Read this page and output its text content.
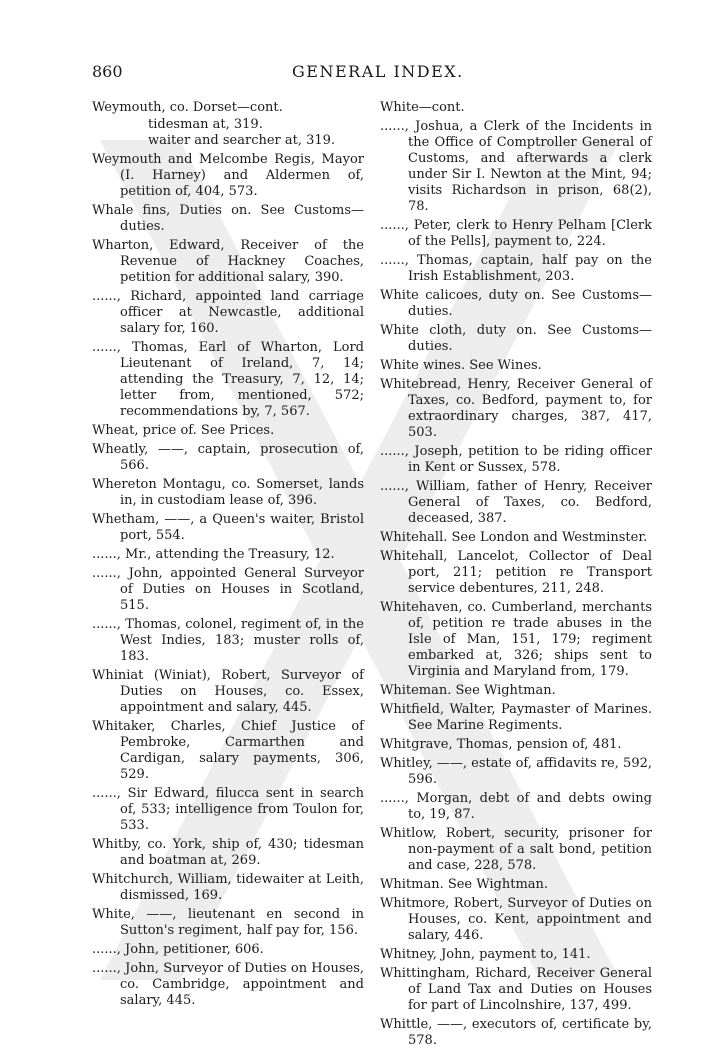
860	GENERAL INDEX.

Weymouth, co. Dorset—cont.

tidesman at, 319.

waiter and searcher at, 319.

Weymouth and Melcombe Regis, Mayor (I. Harney) and Aldermen of, petition of, 404, 573.

Whale fins, Duties on. See Customs—duties.

Wharton, Edward, Receiver of the Revenue of Hackney Coaches, petition for additional salary, 390.

......, Richard, appointed land carriage officer at Newcastle, additional salary for, 160.

......, Thomas, Earl of Wharton, Lord Lieutenant of Ireland, 7, 14; attending the Treasury, 7, 12, 14; letter from, mentioned, 572; recommendations by, 7, 567.

Wheat, price of. See Prices.

Wheatly, ——, captain, prosecution of, 566.

Whereton Montagu, co. Somerset, lands in, in custodiam lease of, 396.

Whetham, ——, a Queen's waiter, Bristol port, 554.

......, Mr., attending the Treasury, 12.

......, John, appointed General Surveyor of Duties on Houses in Scotland, 515.

......, Thomas, colonel, regiment of, in the West Indies, 183; muster rolls of, 183.

Whiniat (Winiat), Robert, Surveyor of Duties on Houses, co. Essex, appointment and salary, 445.

Whitaker, Charles, Chief Justice of Pembroke, Carmarthen and Cardigan, salary payments, 306, 529.

......, Sir Edward, filucca sent in search of, 533; intelligence from Toulon for, 533.

Whitby, co. York, ship of, 430; tidesman and boatman at, 269.

Whitchurch, William, tidewaiter at Leith, dismissed, 169.

White, ——, lieutenant en second in Sutton's regiment, half pay for, 156.

......, John, petitioner, 606.

......, John, Surveyor of Duties on Houses, co. Cambridge, appointment and salary, 445.

White—cont.

......, Joshua, a Clerk of the Incidents in the Office of Comptroller General of Customs, and afterwards a clerk under Sir I. Newton at the Mint, 94; visits Richardson in prison, 68(2), 78.

......, Peter, clerk to Henry Pelham [Clerk of the Pells], payment to, 224.

......, Thomas, captain, half pay on the Irish Establishment, 203.

White calicoes, duty on. See Customs—duties.

White cloth, duty on. See Customs—duties.

White wines. See Wines.

Whitebread, Henry, Receiver General of Taxes, co. Bedford, payment to, for extraordinary charges, 387, 417, 503.

......, Joseph, petition to be riding officer in Kent or Sussex, 578.

......, William, father of Henry, Receiver General of Taxes, co. Bedford, deceased, 387.

Whitehall. See London and Westminster.

Whitehall, Lancelot, Collector of Deal port, 211; petition re Transport service debentures, 211, 248.

Whitehaven, co. Cumberland, merchants of, petition re trade abuses in the Isle of Man, 151, 179; regiment embarked at, 326; ships sent to Virginia and Maryland from, 179.

Whiteman. See Wightman.

Whitfield, Walter, Paymaster of Marines. See Marine Regiments.

Whitgrave, Thomas, pension of, 481.

Whitley, ——, estate of, affidavits re, 592, 596.

......, Morgan, debt of and debts owing to, 19, 87.

Whitlow, Robert, security, prisoner for non-payment of a salt bond, petition and case, 228, 578.

Whitman. See Wightman.

Whitmore, Robert, Surveyor of Duties on Houses, co. Kent, appointment and salary, 446.

Whitney, John, payment to, 141.

Whittingham, Richard, Receiver General of Land Tax and Duties on Houses for part of Lincolnshire, 137, 499.

Whittle, ——, executors of, certificate by, 578.
